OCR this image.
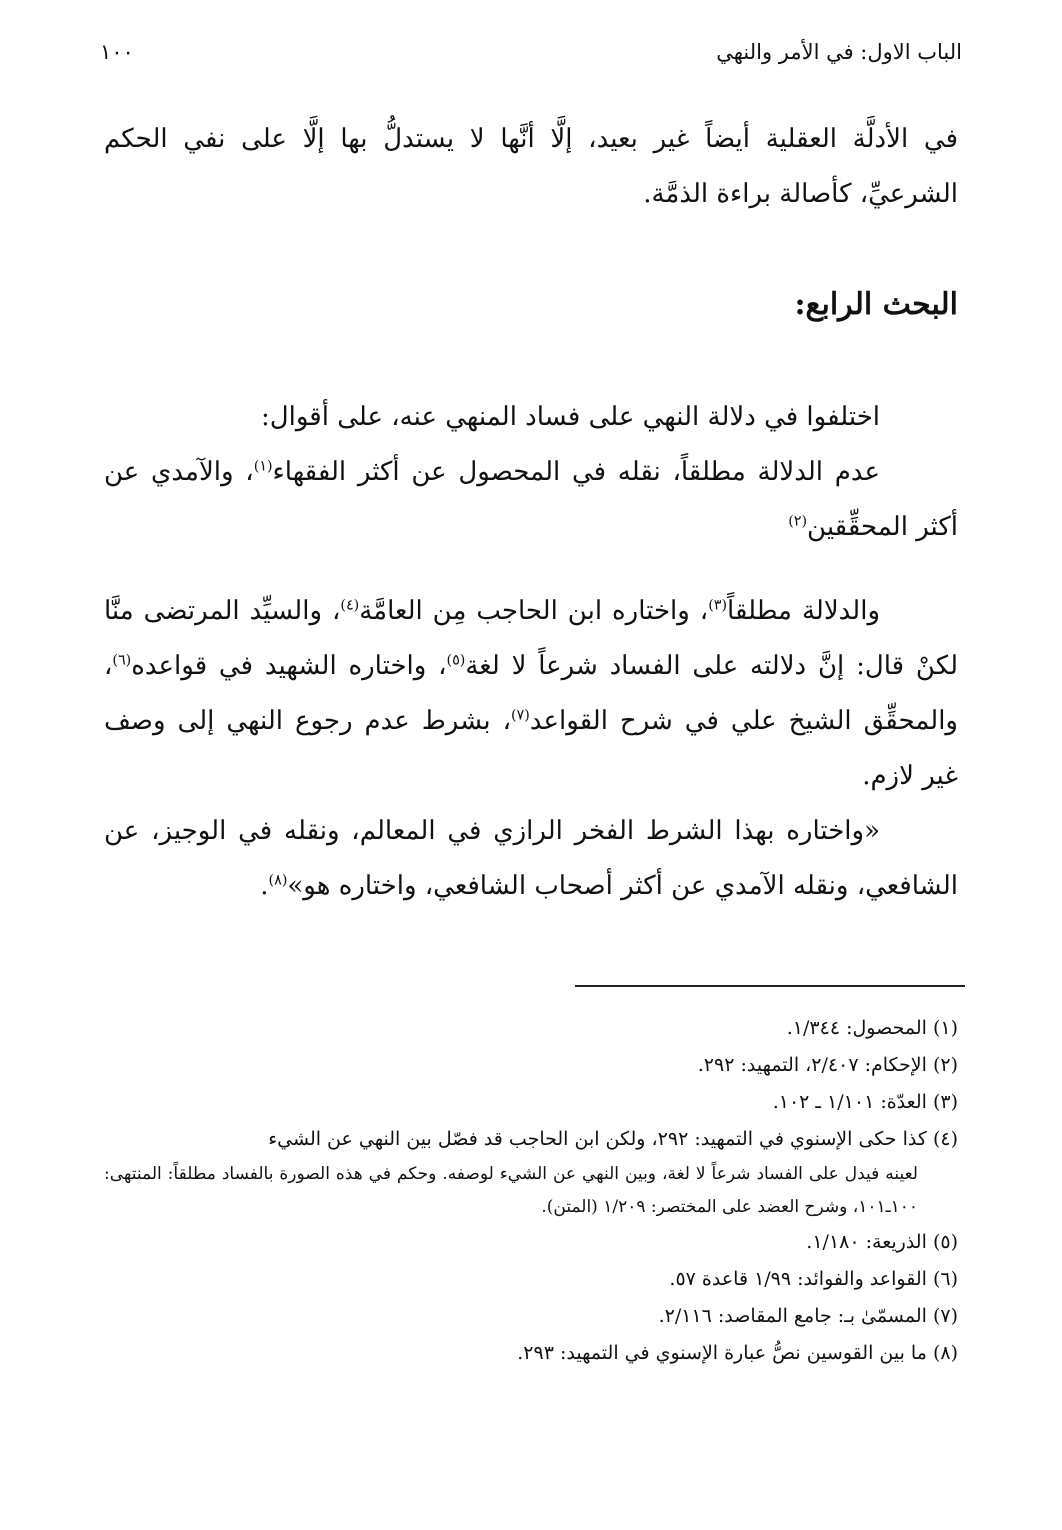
الباب الاول: في الأمر والنهي
١٠٠

في الأدلَّة العقلية أيضاً غير بعيد، إلَّا أنَّها لا يستدلُّ بها إلَّا على نفي الحكم الشرعيِّ، كأصالة براءة الذمَّة.

البحث الرابع:

اختلفوا في دلالة النهي على فساد المنهي عنه، على أقوال:

عدم الدلالة مطلقاً، نقله في المحصول عن أكثر الفقهاء$^{(١)}$، والآمدي عن أكثر المحقِّقين$^{(٢)}$

والدلالة مطلقاً$^{(٣)}$، واختاره ابن الحاجب مِن العامَّة$^{(٤)}$، والسيِّد المرتضى منَّا لكنْ قال: إنَّ دلالته على الفساد شرعاً لا لغة$^{(٥)}$، واختاره الشهيد في قواعده$^{(٦)}$، والمحقِّق الشيخ علي في شرح القواعد$^{(٧)}$، بشرط عدم رجوع النهي إلى وصف غير لازم.

«واختاره بهذا الشرط الفخر الرازي في المعالم، ونقله في الوجيز، عن الشافعي، ونقله الآمدي عن أكثر أصحاب الشافعي، واختاره هو»$^{(٨)}$.

(١) المحصول: ١/٣٤٤.

(٢) الإحكام: ٢/٤٠٧، التمهيد: ٢٩٢.

(٣) العدّة: ١/١٠١ ـ ١٠٢.

(٤) كذا حكى الإسنوي في التمهيد: ٢٩٢، ولكن ابن الحاجب قد فصّل بين النهي عن الشيء
لعينه فيدل على الفساد شرعاً لا لغة، وبين النهي عن الشيء لوصفه. وحكم في هذه الصورة بالفساد مطلقاً: المنتهى: ١٠٠ـ١٠١، وشرح العضد على المختصر: ١/٢٠٩ (المتن).

(٥) الذريعة: ١/١٨٠.

(٦) القواعد والفوائد: ١/٩٩ قاعدة ٥٧.

(٧) المسمّىٰ بـ: جامع المقاصد: ٢/١١٦.

(٨) ما بين القوسين نصُّ عبارة الإسنوي في التمهيد: ٢٩٣.
